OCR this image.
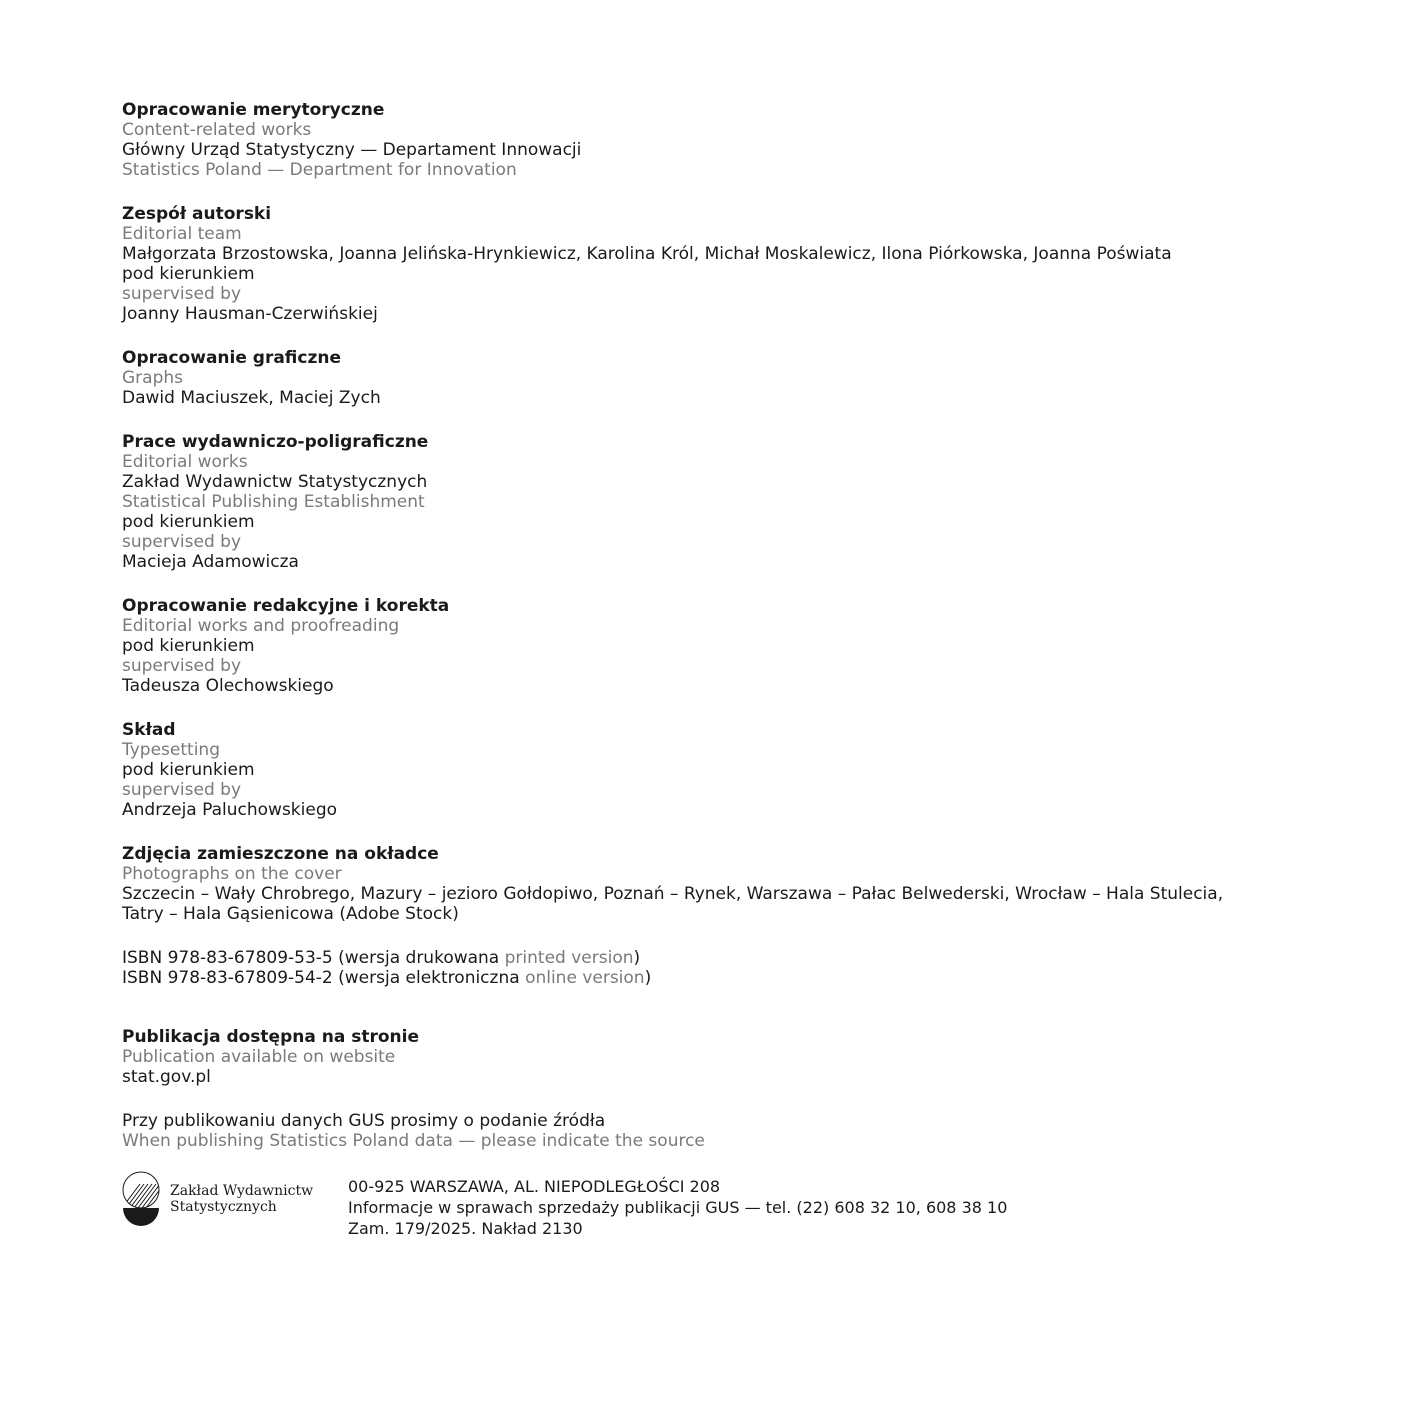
Opracowanie merytoryczne
Content-related works
Główny Urząd Statystyczny — Departament Innowacji
Statistics Poland — Department for Innovation
Zespół autorski
Editorial team
Małgorzata Brzostowska, Joanna Jelińska-Hrynkiewicz, Karolina Król, Michał Moskalewicz, Ilona Piórkowska, Joanna Poświata
pod kierunkiem
supervised by
Joanny Hausman-Czerwińskiej
Opracowanie graficzne
Graphs
Dawid Maciuszek, Maciej Zych
Prace wydawniczo-poligraficzne
Editorial works
Zakład Wydawnictw Statystycznych
Statistical Publishing Establishment
pod kierunkiem
supervised by
Macieja Adamowicza
Opracowanie redakcyjne i korekta
Editorial works and proofreading
pod kierunkiem
supervised by
Tadeusza Olechowskiego
Skład
Typesetting
pod kierunkiem
supervised by
Andrzeja Paluchowskiego
Zdjęcia zamieszczone na okładce
Photographs on the cover
Szczecin – Wały Chrobrego, Mazury – jezioro Gołdopiwo, Poznań – Rynek, Warszawa – Pałac Belwederski, Wrocław – Hala Stulecia,
Tatry – Hala Gąsienicowa (Adobe Stock)
ISBN 978-83-67809-53-5 (wersja drukowana printed version)
ISBN 978-83-67809-54-2 (wersja elektroniczna online version)
Publikacja dostępna na stronie
Publication available on website
stat.gov.pl
Przy publikowaniu danych GUS prosimy o podanie źródła
When publishing Statistics Poland data — please indicate the source
Zakład Wydawnictw
Statystycznych
00-925 WARSZAWA, AL. NIEPODLEGŁOŚCI 208
Informacje w sprawach sprzedaży publikacji GUS — tel. (22) 608 32 10, 608 38 10
Zam. 179/2025. Nakład 2130
